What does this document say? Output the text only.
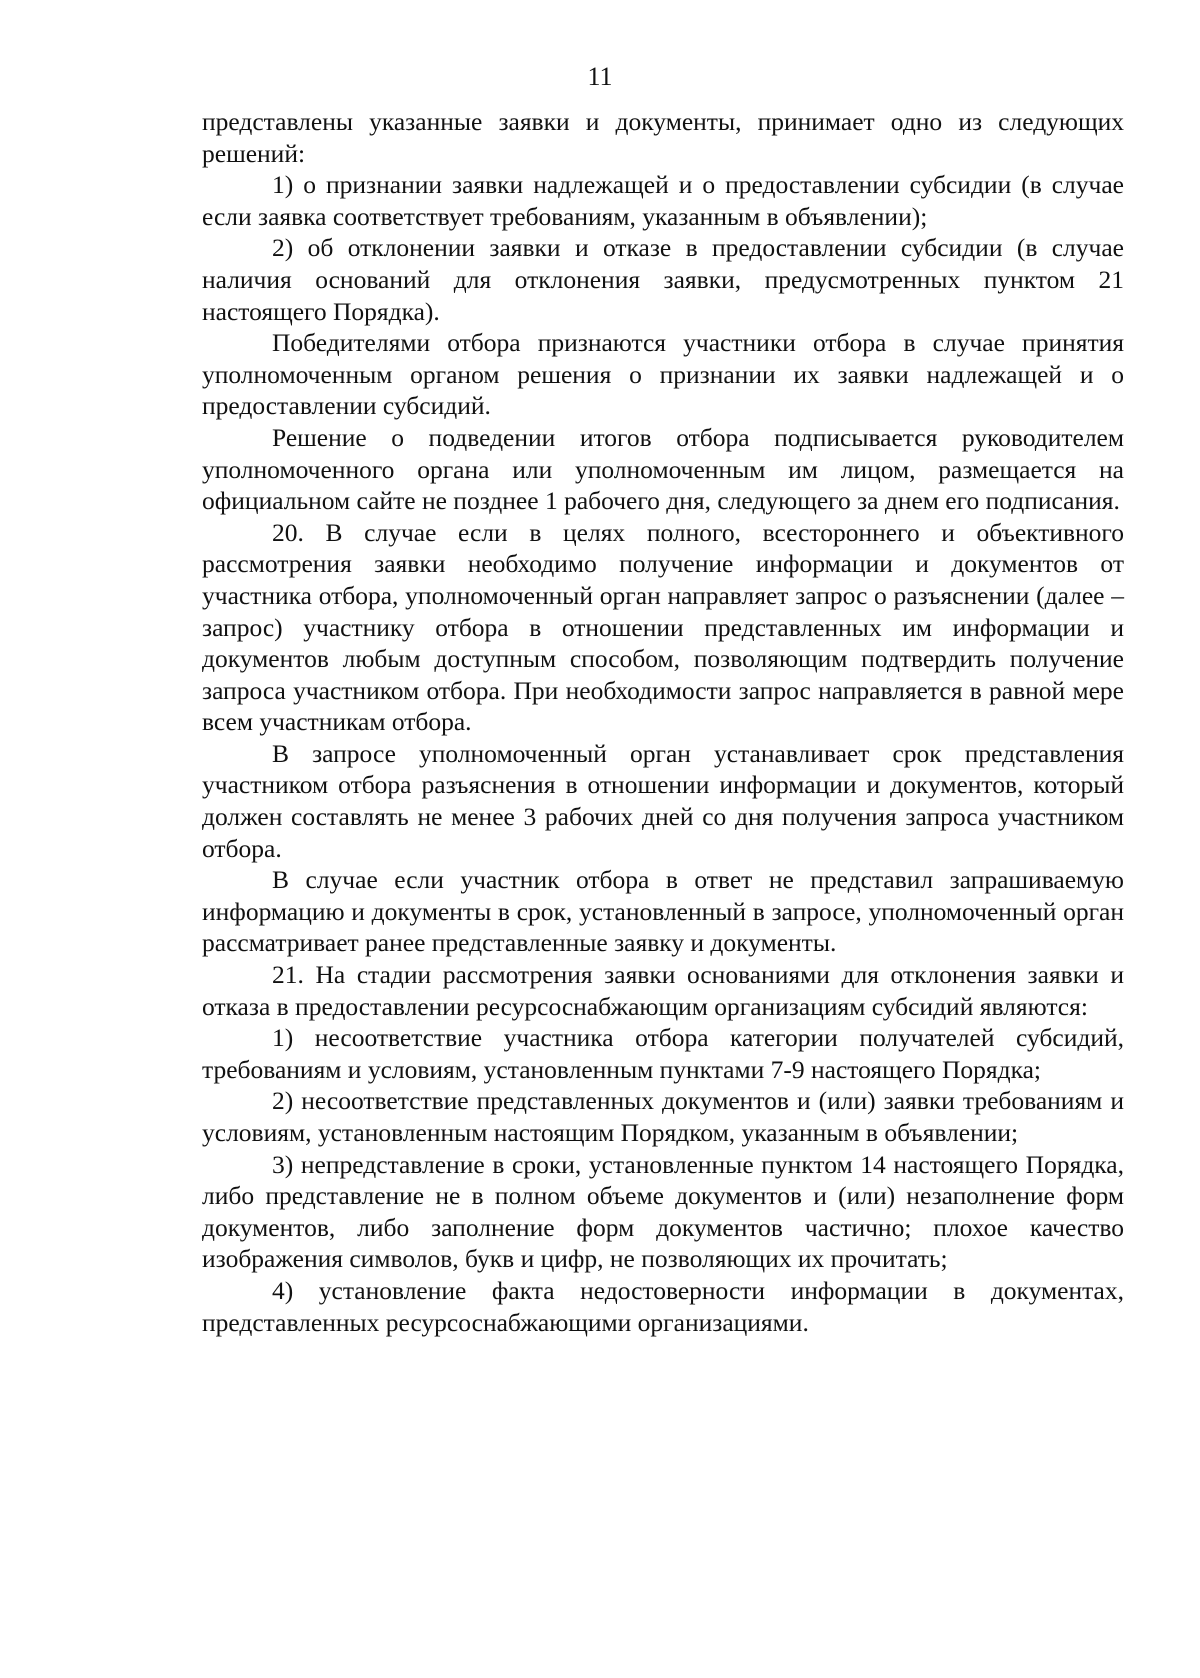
11

представлены указанные заявки и документы, принимает одно из следующих решений:

1) о признании заявки надлежащей и о предоставлении субсидии (в случае если заявка соответствует требованиям, указанным в объявлении);

2) об отклонении заявки и отказе в предоставлении субсидии (в случае наличия оснований для отклонения заявки, предусмотренных пунктом 21 настоящего Порядка).

Победителями отбора признаются участники отбора в случае принятия уполномоченным органом решения о признании их заявки надлежащей и о предоставлении субсидий.

Решение о подведении итогов отбора подписывается руководителем уполномоченного органа или уполномоченным им лицом, размещается на официальном сайте не позднее 1 рабочего дня, следующего за днем его подписания.

20. В случае если в целях полного, всестороннего и объективного рассмотрения заявки необходимо получение информации и документов от участника отбора, уполномоченный орган направляет запрос о разъяснении (далее – запрос) участнику отбора в отношении представленных им информации и документов любым доступным способом, позволяющим подтвердить получение запроса участником отбора. При необходимости запрос направляется в равной мере всем участникам отбора.

В запросе уполномоченный орган устанавливает срок представления участником отбора разъяснения в отношении информации и документов, который должен составлять не менее 3 рабочих дней со дня получения запроса участником отбора.

В случае если участник отбора в ответ не представил запрашиваемую информацию и документы в срок, установленный в запросе, уполномоченный орган рассматривает ранее представленные заявку и документы.

21. На стадии рассмотрения заявки основаниями для отклонения заявки и отказа в предоставлении ресурсоснабжающим организациям субсидий являются:

1) несоответствие участника отбора категории получателей субсидий, требованиям и условиям, установленным пунктами 7-9 настоящего Порядка;

2) несоответствие представленных документов и (или) заявки требованиям и условиям, установленным настоящим Порядком, указанным в объявлении;

3) непредставление в сроки, установленные пунктом 14 настоящего Порядка, либо представление не в полном объеме документов и (или) незаполнение форм документов, либо заполнение форм документов частично; плохое качество изображения символов, букв и цифр, не позволяющих их прочитать;

4) установление факта недостоверности информации в документах, представленных ресурсоснабжающими организациями.
